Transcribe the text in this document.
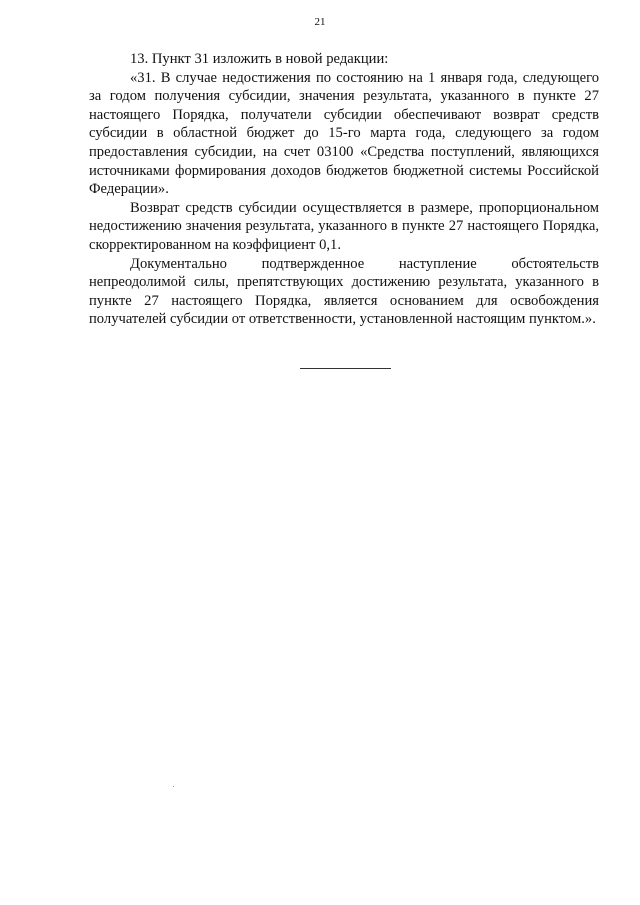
21

13. Пункт 31 изложить в новой редакции:

«31. В случае недостижения по состоянию на 1 января года, следующего за годом получения субсидии, значения результата, указанного в пункте 27 настоящего Порядка, получатели субсидии обеспечивают возврат средств субсидии в областной бюджет до 15-го марта года, следующего за годом предоставления субсидии, на счет 03100 «Средства поступлений, являющихся источниками формирования доходов бюджетов бюджетной системы Российской Федерации».

Возврат средств субсидии осуществляется в размере, пропорциональном недостижению значения результата, указанного в пункте 27 настоящего Порядка, скорректированном на коэффициент 0,1.

Документально подтвержденное наступление обстоятельств непреодолимой силы, препятствующих достижению результата, указанного в пункте 27 настоящего Порядка, является основанием для освобождения получателей субсидии от ответственности, установленной настоящим пунктом.».
